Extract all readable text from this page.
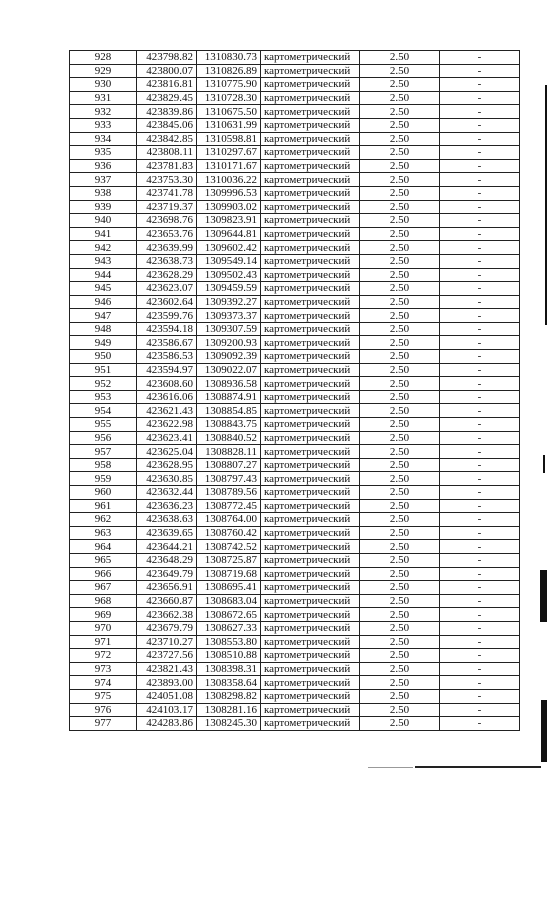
928	423798.82	1310830.73	картометрический	2.50	-
929	423800.07	1310826.89	картометрический	2.50	-
930	423816.81	1310775.90	картометрический	2.50	-
931	423829.45	1310728.30	картометрический	2.50	-
932	423839.86	1310675.50	картометрический	2.50	-
933	423845.06	1310631.99	картометрический	2.50	-
934	423842.85	1310598.81	картометрический	2.50	-
935	423808.11	1310297.67	картометрический	2.50	-
936	423781.83	1310171.67	картометрический	2.50	-
937	423753.30	1310036.22	картометрический	2.50	-
938	423741.78	1309996.53	картометрический	2.50	-
939	423719.37	1309903.02	картометрический	2.50	-
940	423698.76	1309823.91	картометрический	2.50	-
941	423653.76	1309644.81	картометрический	2.50	-
942	423639.99	1309602.42	картометрический	2.50	-
943	423638.73	1309549.14	картометрический	2.50	-
944	423628.29	1309502.43	картометрический	2.50	-
945	423623.07	1309459.59	картометрический	2.50	-
946	423602.64	1309392.27	картометрический	2.50	-
947	423599.76	1309373.37	картометрический	2.50	-
948	423594.18	1309307.59	картометрический	2.50	-
949	423586.67	1309200.93	картометрический	2.50	-
950	423586.53	1309092.39	картометрический	2.50	-
951	423594.97	1309022.07	картометрический	2.50	-
952	423608.60	1308936.58	картометрический	2.50	-
953	423616.06	1308874.91	картометрический	2.50	-
954	423621.43	1308854.85	картометрический	2.50	-
955	423622.98	1308843.75	картометрический	2.50	-
956	423623.41	1308840.52	картометрический	2.50	-
957	423625.04	1308828.11	картометрический	2.50	-
958	423628.95	1308807.27	картометрический	2.50	-
959	423630.85	1308797.43	картометрический	2.50	-
960	423632.44	1308789.56	картометрический	2.50	-
961	423636.23	1308772.45	картометрический	2.50	-
962	423638.63	1308764.00	картометрический	2.50	-
963	423639.65	1308760.42	картометрический	2.50	-
964	423644.21	1308742.52	картометрический	2.50	-
965	423648.29	1308725.87	картометрический	2.50	-
966	423649.79	1308719.68	картометрический	2.50	-
967	423656.91	1308695.41	картометрический	2.50	-
968	423660.87	1308683.04	картометрический	2.50	-
969	423662.38	1308672.65	картометрический	2.50	-
970	423679.79	1308627.33	картометрический	2.50	-
971	423710.27	1308553.80	картометрический	2.50	-
972	423727.56	1308510.88	картометрический	2.50	-
973	423821.43	1308398.31	картометрический	2.50	-
974	423893.00	1308358.64	картометрический	2.50	-
975	424051.08	1308298.82	картометрический	2.50	-
976	424103.17	1308281.16	картометрический	2.50	-
977	424283.86	1308245.30	картометрический	2.50	-
